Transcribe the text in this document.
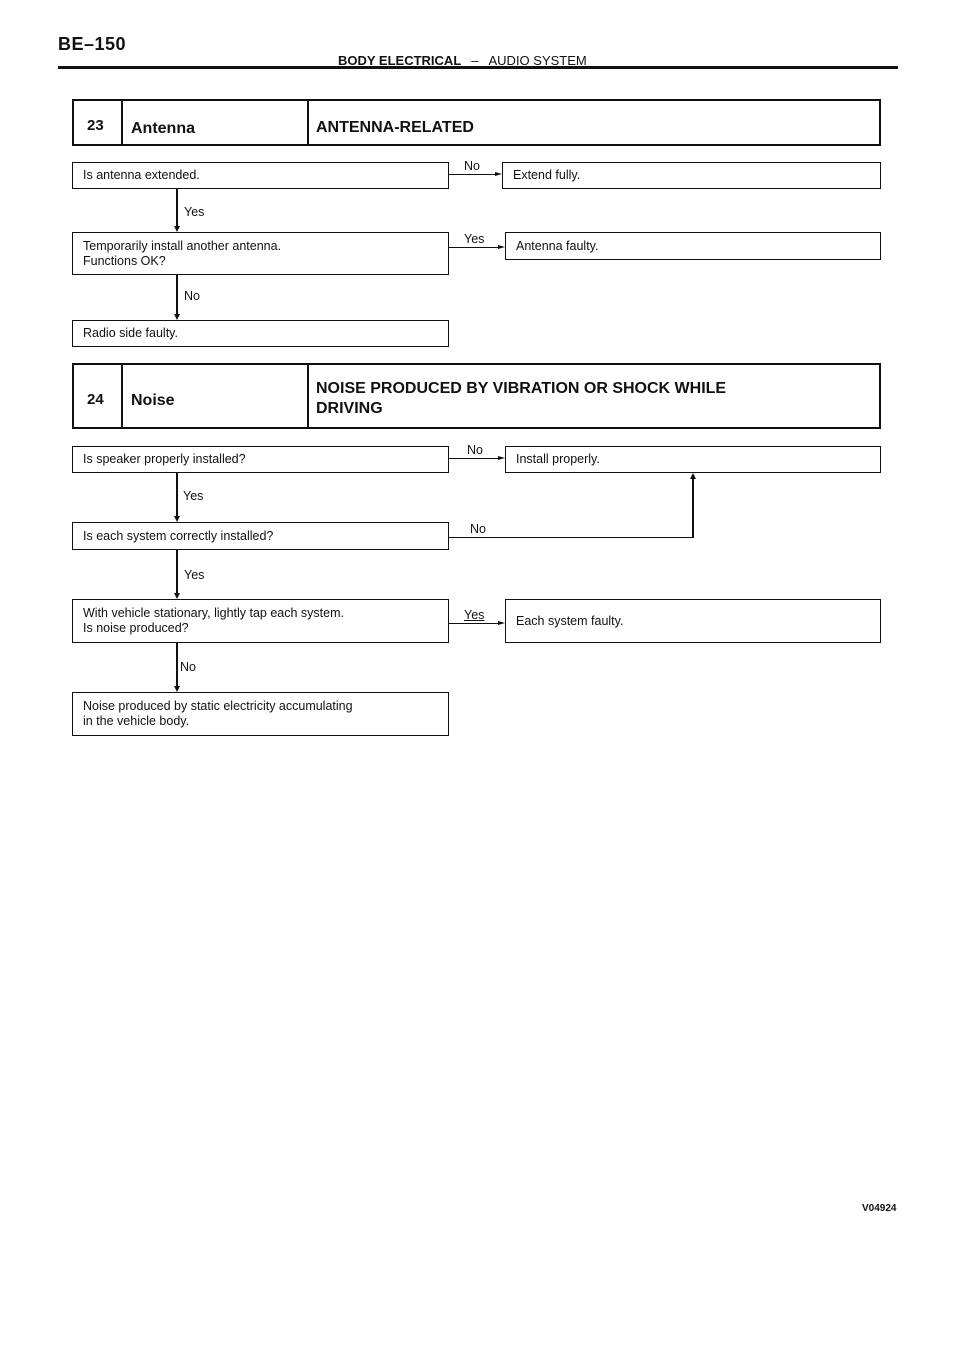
BE–150
BODY ELECTRICAL – AUDIO SYSTEM
23	Antenna	ANTENNA-RELATED
Is antenna extended.
No
Extend fully.
Yes
Temporarily install another antenna.
Functions OK?
Yes	Antenna faulty.
No
Radio side faulty.
24	Noise
NOISE PRODUCED BY VIBRATION OR SHOCK WHILE
DRIVING
Is speaker properly installed?
No
Install properly.
Yes
Is each system correctly installed?	No
Yes
With vehicle stationary, lightly tap each system.
Is noise produced?
Yes	Each system faulty.
No
Noise produced by static electricity accumulating
in the vehicle body.
V04924
